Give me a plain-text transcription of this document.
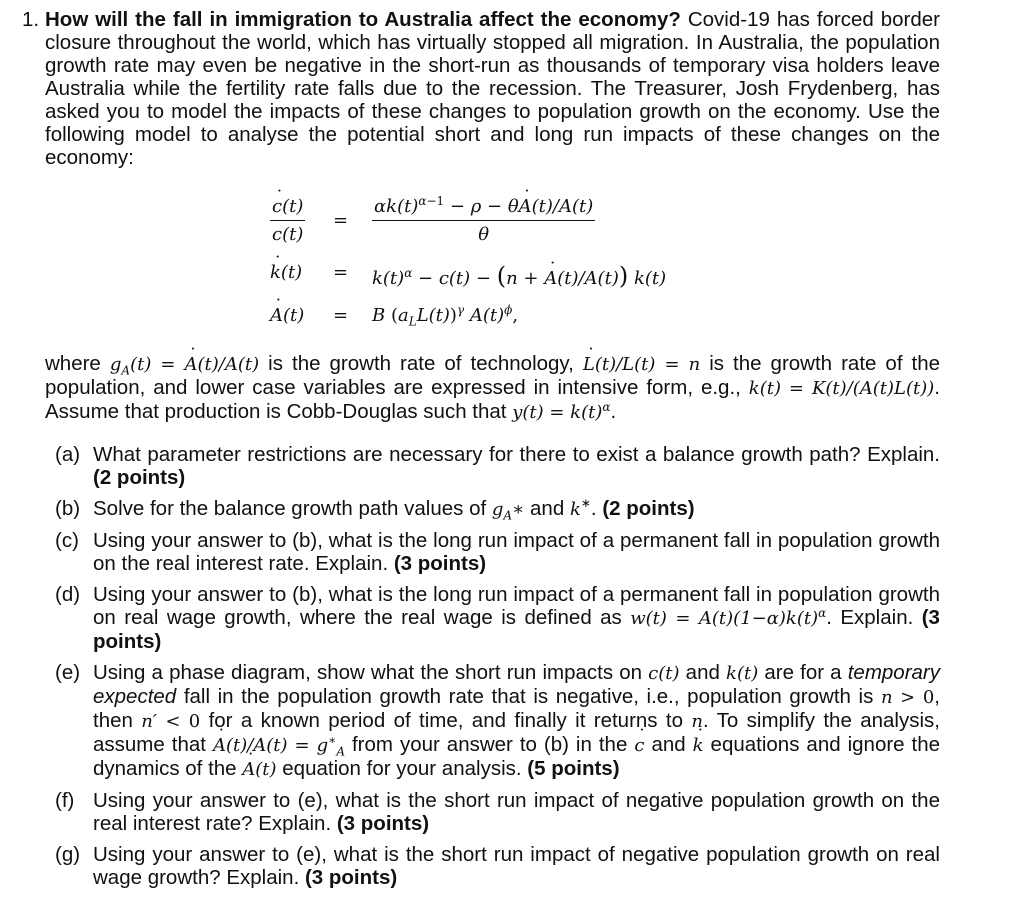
1. How will the fall in immigration to Australia affect the economy? Covid-19 has forced border closure throughout the world, which has virtually stopped all migration. In Australia, the population growth rate may even be negative in the short-run as thousands of temporary visa holders leave Australia while the fertility rate falls due to the recession. The Treasurer, Josh Frydenberg, has asked you to model the impacts of these changes to population growth on the economy. Use the following model to analyse the potential short and long run impacts of these changes on the economy:
$\frac{c ˙(t)}{c(t)} = \frac{\alpha k(t)^{\alpha-1} - \rho - \theta A ˙(t)/A(t)}{\theta}$
k ˙(t) = $k(t)^\alpha - c(t) - (n + A$ ˙(t)/A(t)) k(t)
A ˙(t) = B $(a_LL(t))^\gamma$ $A(t)^\phi$,
where $g_A(t) = A$ ˙(t)/A(t) is the growth rate of technology, L ˙(t)/L(t) = n is the growth rate of the population, and lower case variables are expressed in intensive form, e.g., k(t) = K(t)/(A(t)L(t)). Assume that production is Cobb-Douglas such that $y(t) = k(t)^\alpha$.
(a) What parameter restrictions are necessary for there to exist a balance growth path? Explain. (2 points)
(b) Solve for the balance growth path values of $g_A∗$ and k∗. (2 points)
(c) Using your answer to (b), what is the long run impact of a permanent fall in population growth on the real interest rate. Explain. (3 points)
(d) Using your answer to (b), what is the long run impact of a permanent fall in population growth on real wage growth, where the real wage is defined as $w(t) = A(t)(1-\alpha)k(t)^\alpha$. Explain. (3 points)
(e) Using a phase diagram, show what the short run impacts on c(t) and k(t) are for a temporary expected fall in the population growth rate that is negative, i.e., population growth is n > 0, then n′ < 0 for a known period of time, and finally it returns to n. To simplify the analysis, assume that A ˙(t)/A(t) = $g^∗_A$ from your answer to (b) in the c ˙ and k ˙ equations and ignore the dynamics of the A ˙(t) equation for your analysis. (5 points)
(f) Using your answer to (e), what is the short run impact of negative population growth on the real interest rate? Explain. (3 points)
(g) Using your answer to (e), what is the short run impact of negative population growth on real wage growth? Explain. (3 points)
